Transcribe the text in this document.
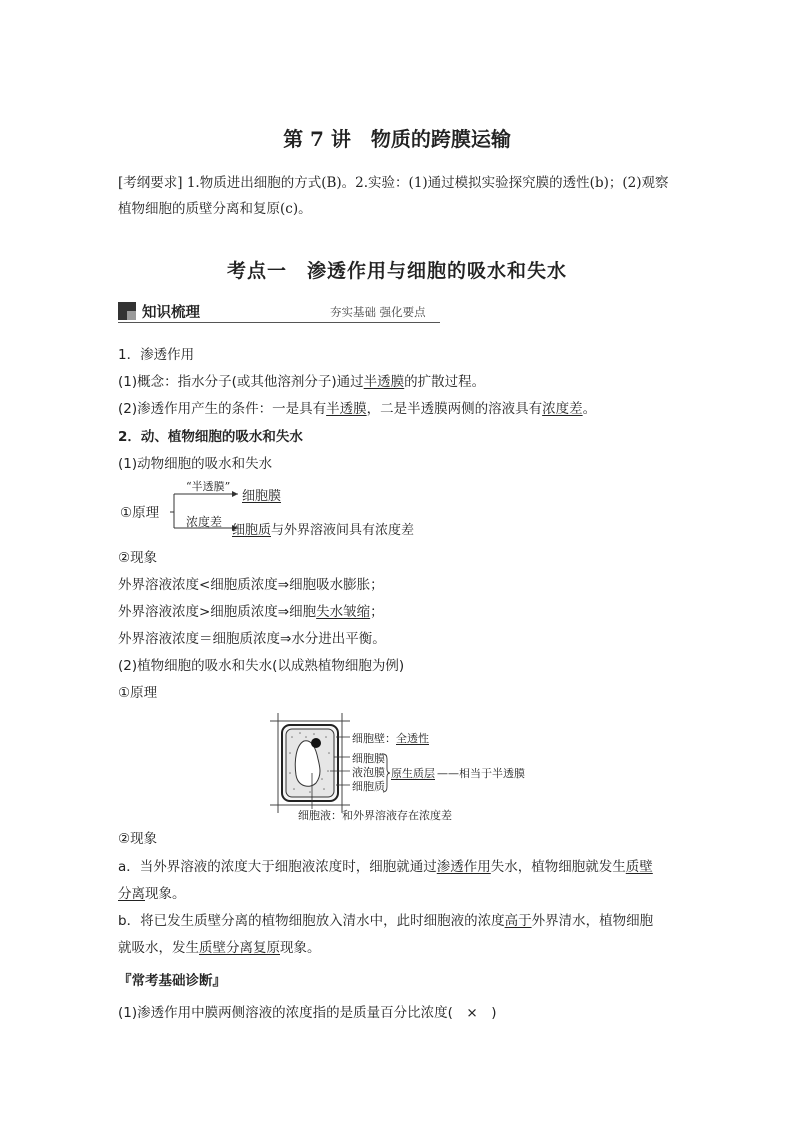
第 7 讲　物质的跨膜运输
[考纲要求] 1.物质进出细胞的方式(B)。2.实验：(1)通过模拟实验探究膜的透性(b)；(2)观察
植物细胞的质壁分离和复原(c)。
考点一　渗透作用与细胞的吸水和失水
知识梳理	夯实基础 强化要点
1．渗透作用
(1)概念：指水分子(或其他溶剂分子)通过半透膜的扩散过程。
(2)渗透作用产生的条件：一是具有半透膜，二是半透膜两侧的溶液具有浓度差。
2．动、植物细胞的吸水和失水
(1)动物细胞的吸水和失水
①原理
“半透膜”
细胞膜
浓度差
细胞质与外界溶液间具有浓度差
②现象
外界溶液浓度<细胞质浓度⇒细胞吸水膨胀；
外界溶液浓度>细胞质浓度⇒细胞失水皱缩；
外界溶液浓度＝细胞质浓度⇒水分进出平衡。
(2)植物细胞的吸水和失水(以成熟植物细胞为例)
①原理
细胞壁：全透性
细胞膜
液泡膜
细胞质
原生质层 ——相当于半透膜
细胞液：和外界溶液存在浓度差
②现象
a．当外界溶液的浓度大于细胞液浓度时，细胞就通过渗透作用失水，植物细胞就发生质壁
分离现象。
b．将已发生质壁分离的植物细胞放入清水中，此时细胞液的浓度高于外界清水，植物细胞
就吸水，发生质壁分离复原现象。
『常考基础诊断』
(1)渗透作用中膜两侧溶液的浓度指的是质量百分比浓度(　×　)
